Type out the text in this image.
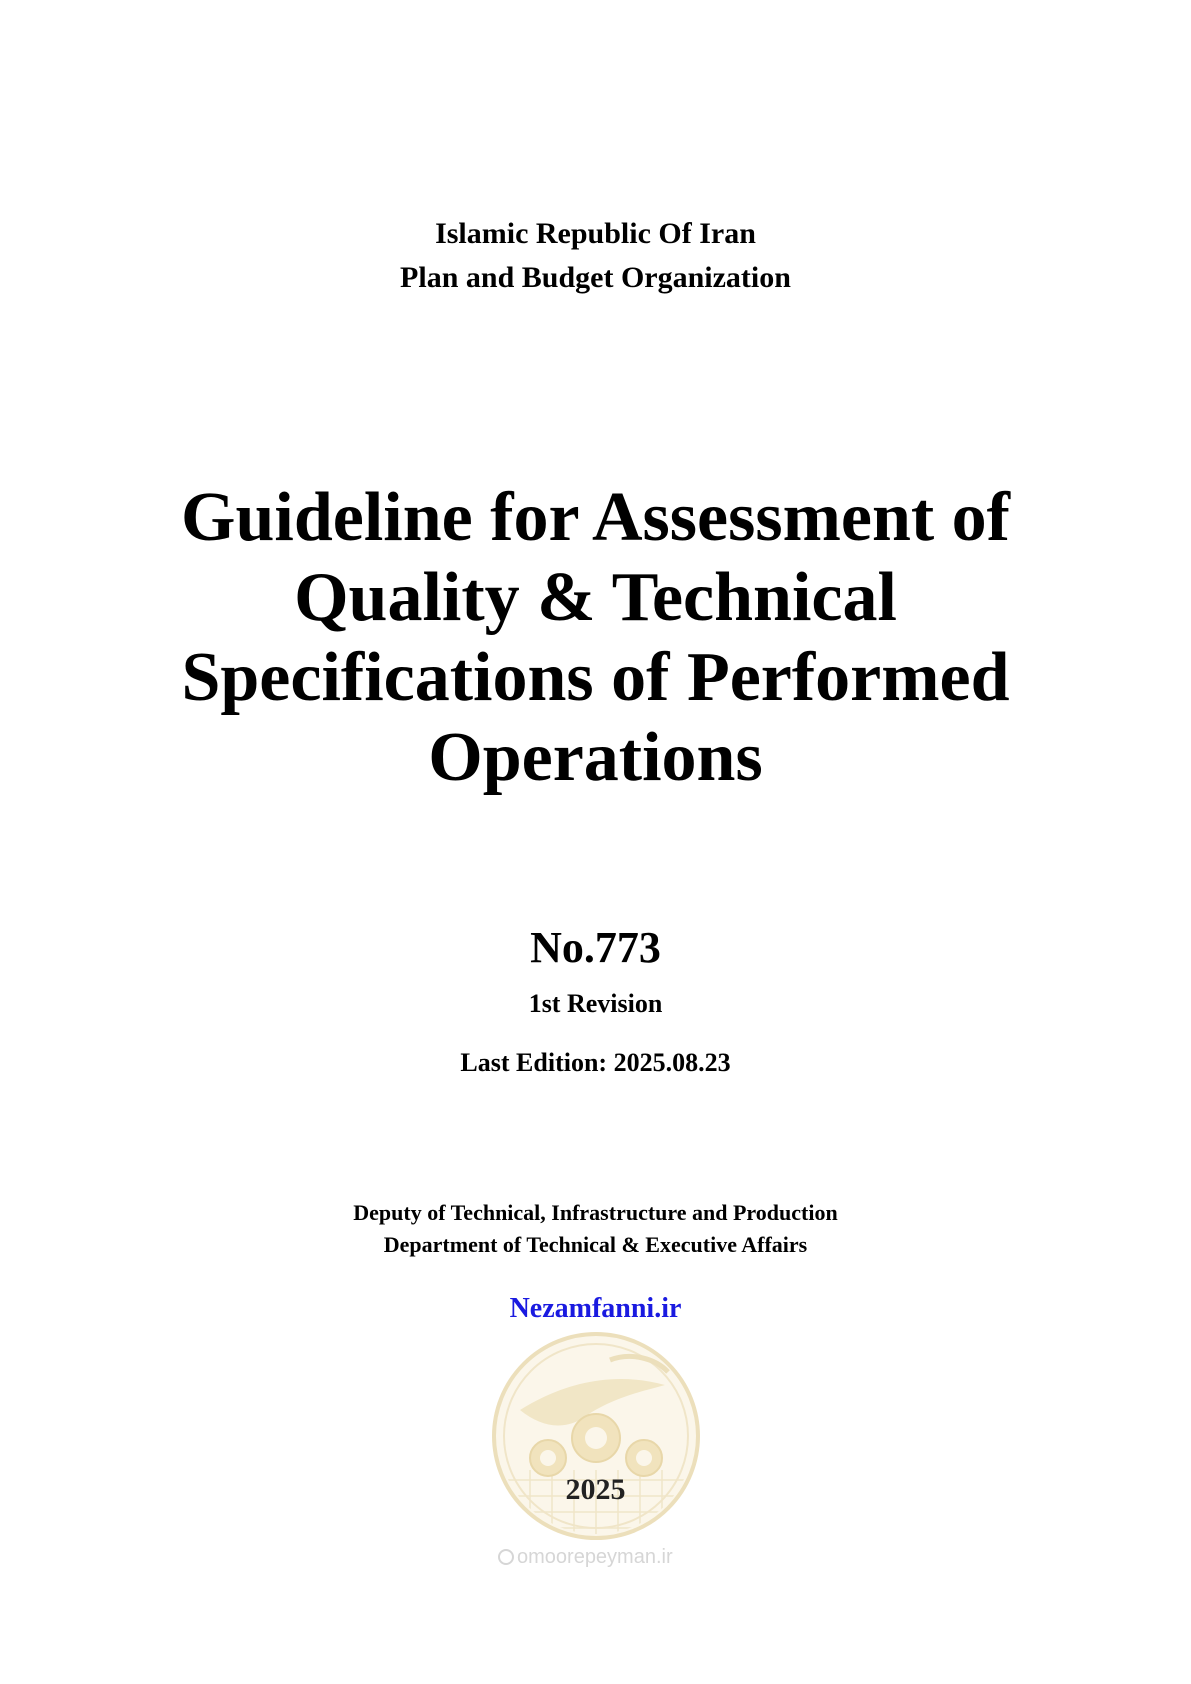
Islamic Republic Of Iran
Plan and Budget Organization
Guideline for Assessment of
Quality & Technical
Specifications of Performed
Operations
No.773
1st Revision
Last Edition: 2025.08.23
Deputy of Technical, Infrastructure and Production
Department of Technical & Executive Affairs
Nezamfanni.ir
2025
omoorepeyman.ir
